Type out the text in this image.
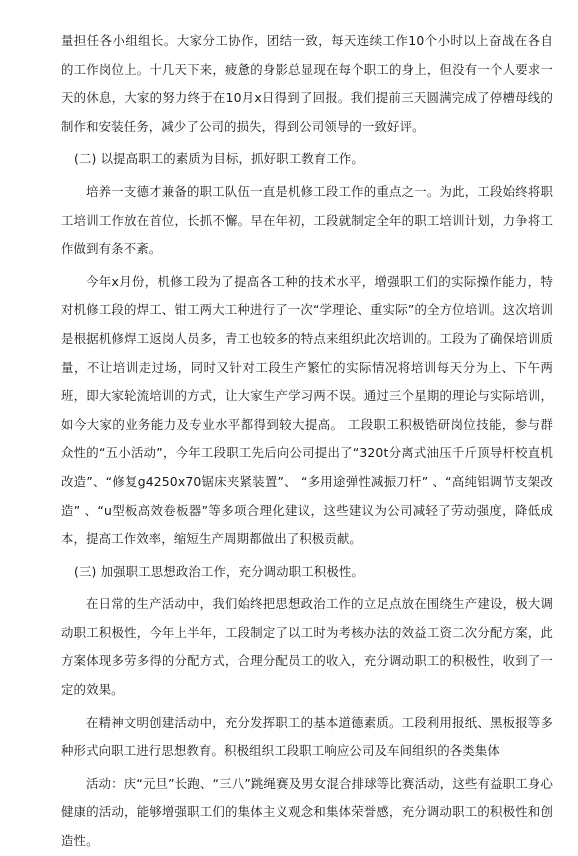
量担任各小组组长。大家分工协作，团结一致，每天连续工作10个小时以上奋战在各自的工作岗位上。十几天下来，疲惫的身影总显现在每个职工的身上，但没有一个人要求一天的休息，大家的努力终于在10月x日得到了回报。我们提前三天圆满完成了停槽母线的制作和安装任务，减少了公司的损失，得到公司领导的一致好评。

(二) 以提高职工的素质为目标，抓好职工教育工作。

培养一支德才兼备的职工队伍一直是机修工段工作的重点之一。为此，工段始终将职工培训工作放在首位，长抓不懈。早在年初，工段就制定全年的职工培训计划，力争将工作做到有条不紊。

今年x月份，机修工段为了提高各工种的技术水平，增强职工们的实际操作能力，特对机修工段的焊工、钳工两大工种进行了一次“学理论、重实际”的全方位培训。这次培训是根据机修焊工返岗人员多，青工也较多的特点来组织此次培训的。工段为了确保培训质量，不让培训走过场，同时又针对工段生产繁忙的实际情况将培训每天分为上、下午两班，即大家轮流培训的方式，让大家生产学习两不误。通过三个星期的理论与实际培训，如今大家的业务能力及专业水平都得到较大提高。 工段职工积极锆研岗位技能，参与群众性的“五小活动”，今年工段职工先后向公司提出了“320t分离式油压千斤顶导杆校直机改造”、“修复g4250x70锯床夹紧装置”、 “多用途弹性减振刀杆” 、“高纯铝调节支架改造” 、“u型板高效卷板器”等多项合理化建议，这些建议为公司减轻了劳动强度，降低成本，提高工作效率，缩短生产周期都做出了积极贡献。

(三) 加强职工思想政治工作，充分调动职工积极性。

在日常的生产活动中，我们始终把思想政治工作的立足点放在围绕生产建设，极大调动职工积极性，今年上半年，工段制定了以工时为考核办法的效益工资二次分配方案，此方案体现多劳多得的分配方式，合理分配员工的收入，充分调动职工的积极性，收到了一定的效果。

在精神文明创建活动中，充分发挥职工的基本道德素质。工段利用报纸、黑板报等多种形式向职工进行思想教育。积极组织工段职工响应公司及车间组织的各类集体

活动：庆“元旦”长跑、“三八”跳绳赛及男女混合排球等比赛活动，这些有益职工身心健康的活动，能够增强职工们的集体主义观念和集体荣誉感，充分调动职工的积极性和创造性。
